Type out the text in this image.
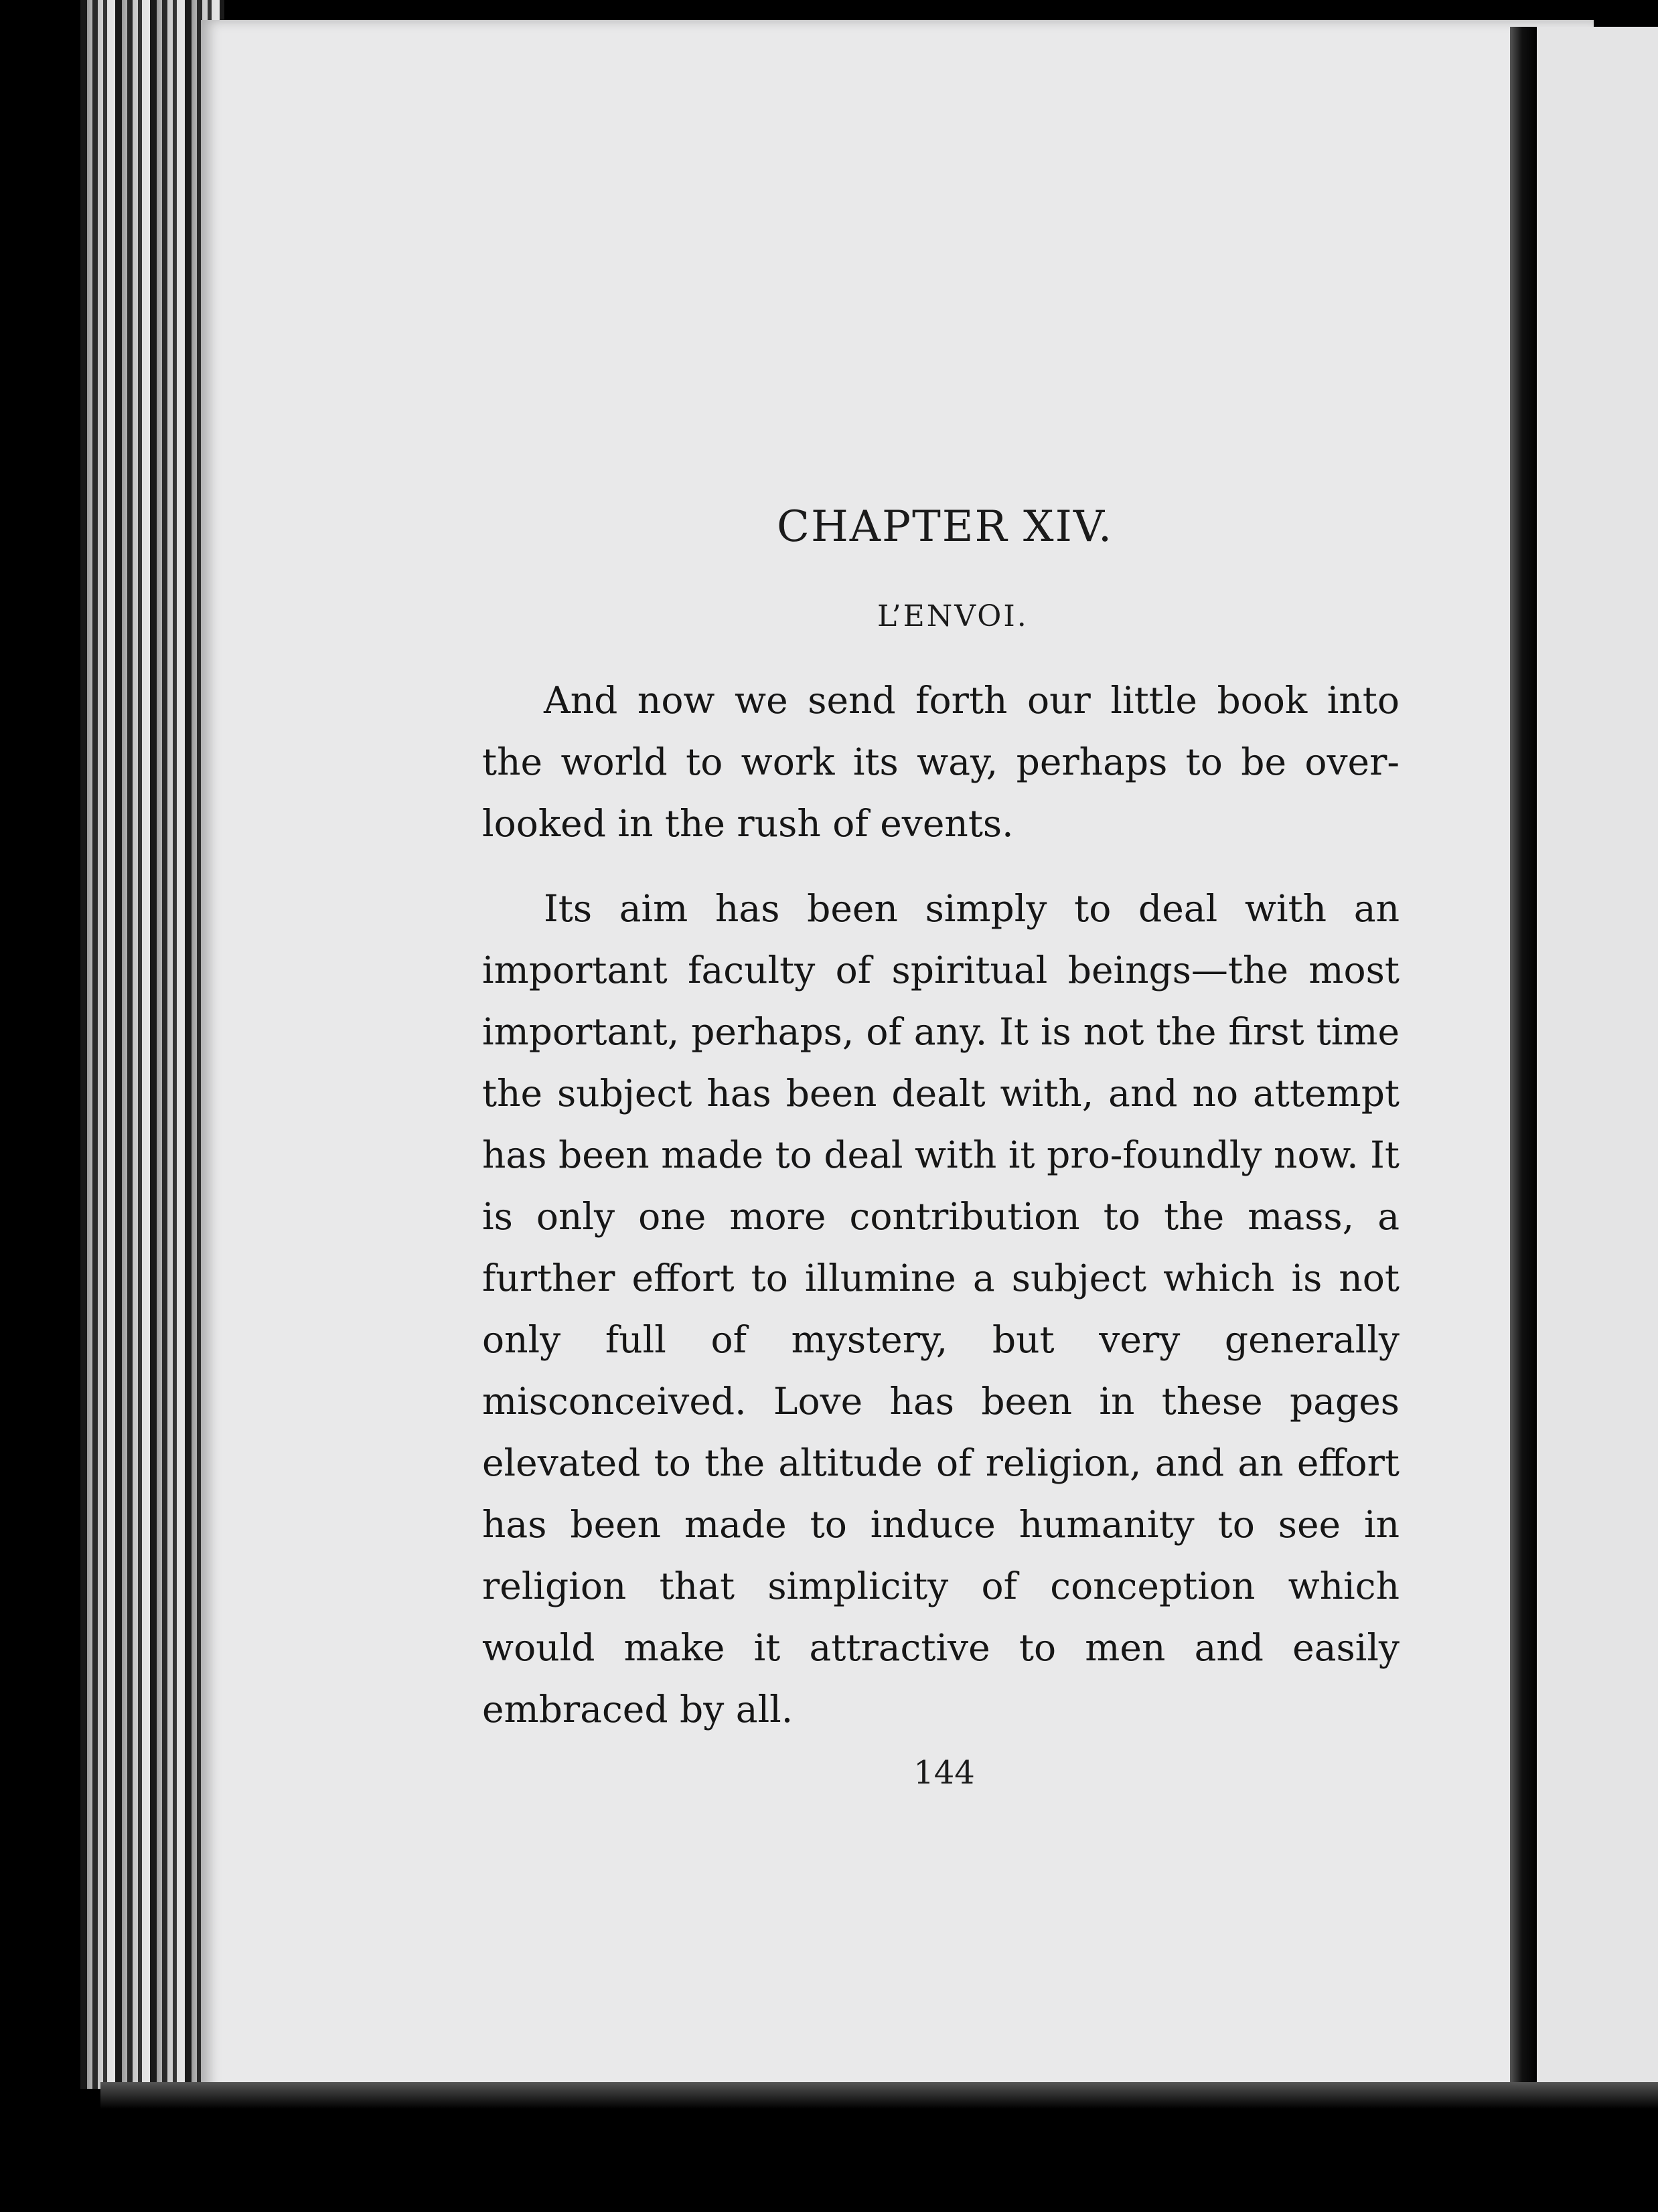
CHAPTER XIV.
L’ENVOI.

And now we send forth our little book into the world to work its way, perhaps to be over-looked in the rush of events.

Its aim has been simply to deal with an important faculty of spiritual beings—the most important, perhaps, of any. It is not the first time the subject has been dealt with, and no attempt has been made to deal with it pro-foundly now. It is only one more contribution to the mass, a further effort to illumine a subject which is not only full of mystery, but very generally misconceived. Love has been in these pages elevated to the altitude of religion, and an effort has been made to induce humanity to see in religion that simplicity of conception which would make it attractive to men and easily embraced by all.

144
